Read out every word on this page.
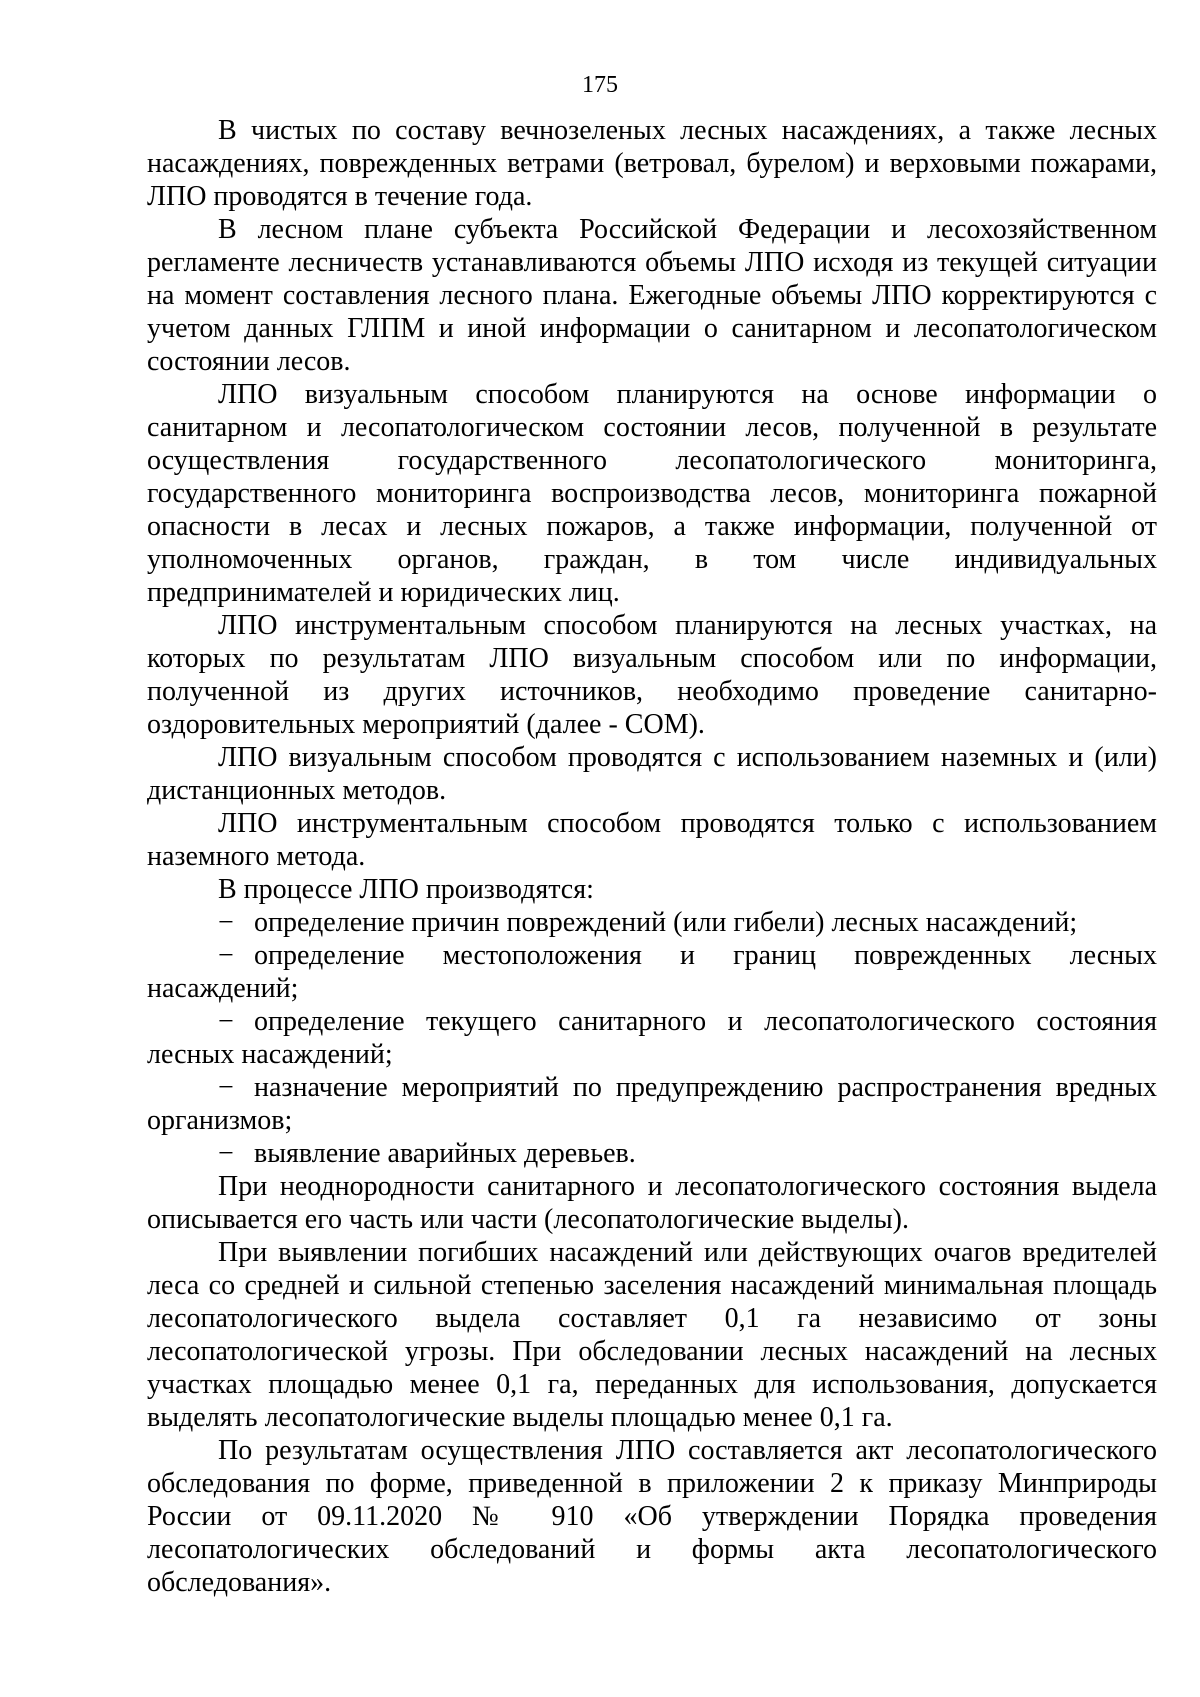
175

В чистых по составу вечнозеленых лесных насаждениях, а также лесных насаждениях, поврежденных ветрами (ветровал, бурелом) и верховыми пожарами, ЛПО проводятся в течение года.

В лесном плане субъекта Российской Федерации и лесохозяйственном регламенте лесничеств устанавливаются объемы ЛПО исходя из текущей ситуации на момент составления лесного плана. Ежегодные объемы ЛПО корректируются с учетом данных ГЛПМ и иной информации о санитарном и лесопатологическом состоянии лесов.

ЛПО визуальным способом планируются на основе информации о санитарном и лесопатологическом состоянии лесов, полученной в результате осуществления государственного лесопатологического мониторинга, государственного мониторинга воспроизводства лесов, мониторинга пожарной опасности в лесах и лесных пожаров, а также информации, полученной от уполномоченных органов, граждан, в том числе индивидуальных предпринимателей и юридических лиц.

ЛПО инструментальным способом планируются на лесных участках, на которых по результатам ЛПО визуальным способом или по информации, полученной из других источников, необходимо проведение санитарно-оздоровительных мероприятий (далее - СОМ).

ЛПО визуальным способом проводятся с использованием наземных и (или) дистанционных методов.

ЛПО инструментальным способом проводятся только с использованием наземного метода.

В процессе ЛПО производятся:

− определение причин повреждений (или гибели) лесных насаждений;

− определение местоположения и границ поврежденных лесных насаждений;

− определение текущего санитарного и лесопатологического состояния лесных насаждений;

− назначение мероприятий по предупреждению распространения вредных организмов;

− выявление аварийных деревьев.

При неоднородности санитарного и лесопатологического состояния выдела описывается его часть или части (лесопатологические выделы).

При выявлении погибших насаждений или действующих очагов вредителей леса со средней и сильной степенью заселения насаждений минимальная площадь лесопатологического выдела составляет 0,1 га независимо от зоны лесопатологической угрозы. При обследовании лесных насаждений на лесных участках площадью менее 0,1 га, переданных для использования, допускается выделять лесопатологические выделы площадью менее 0,1 га.

По результатам осуществления ЛПО составляется акт лесопатологического обследования по форме, приведенной в приложении 2 к приказу Минприроды России от 09.11.2020 № 910 «Об утверждении Порядка проведения лесопатологических обследований и формы акта лесопатологического обследования».
